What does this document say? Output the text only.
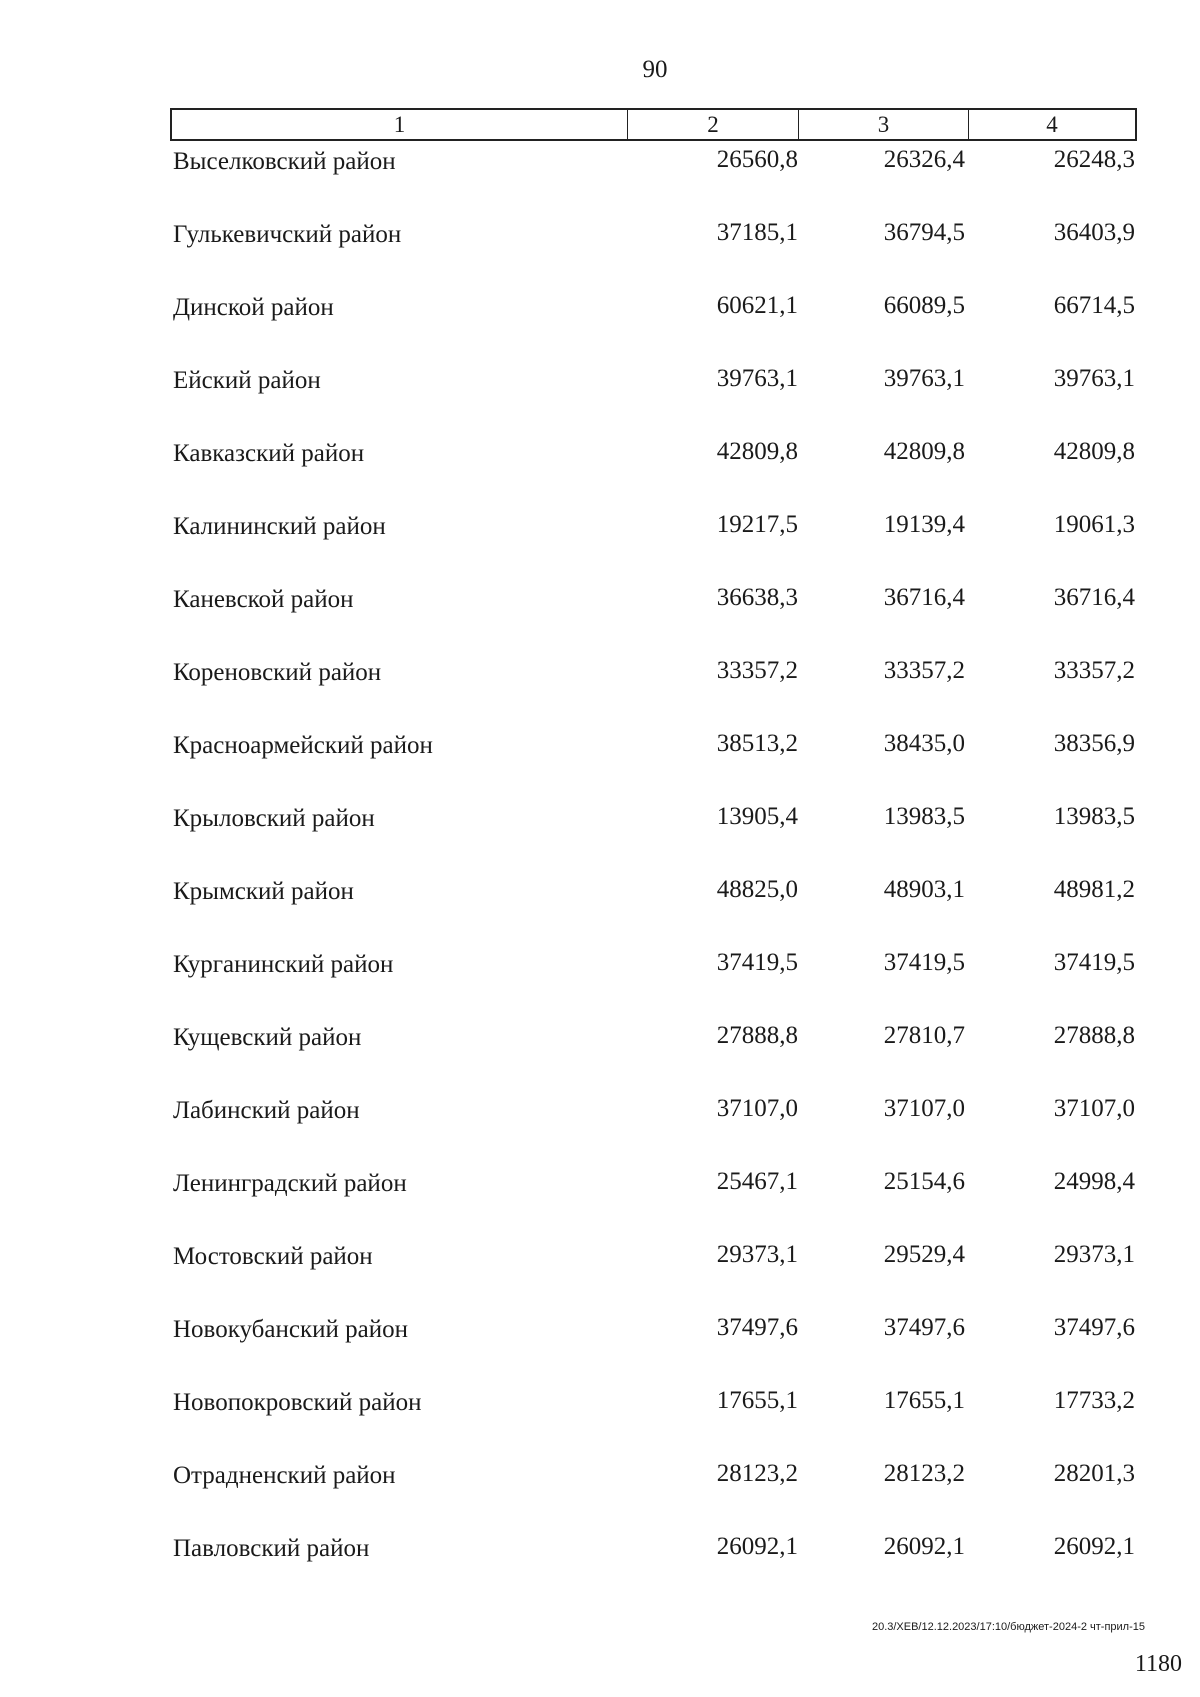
90
1	2	3	4
Выселковский район	26560,8	26326,4	26248,3
Гулькевичский район	37185,1	36794,5	36403,9
Динской район	60621,1	66089,5	66714,5
Ейский район	39763,1	39763,1	39763,1
Кавказский район	42809,8	42809,8	42809,8
Калининский район	19217,5	19139,4	19061,3
Каневской район	36638,3	36716,4	36716,4
Кореновский район	33357,2	33357,2	33357,2
Красноармейский район	38513,2	38435,0	38356,9
Крыловский район	13905,4	13983,5	13983,5
Крымский район	48825,0	48903,1	48981,2
Курганинский район	37419,5	37419,5	37419,5
Кущевский район	27888,8	27810,7	27888,8
Лабинский район	37107,0	37107,0	37107,0
Ленинградский район	25467,1	25154,6	24998,4
Мостовский район	29373,1	29529,4	29373,1
Новокубанский район	37497,6	37497,6	37497,6
Новопокровский район	17655,1	17655,1	17733,2
Отрадненский район	28123,2	28123,2	28201,3
Павловский район	26092,1	26092,1	26092,1
20.3/ХЕВ/12.12.2023/17:10/бюджет-2024-2 чт-прил-15
1180
